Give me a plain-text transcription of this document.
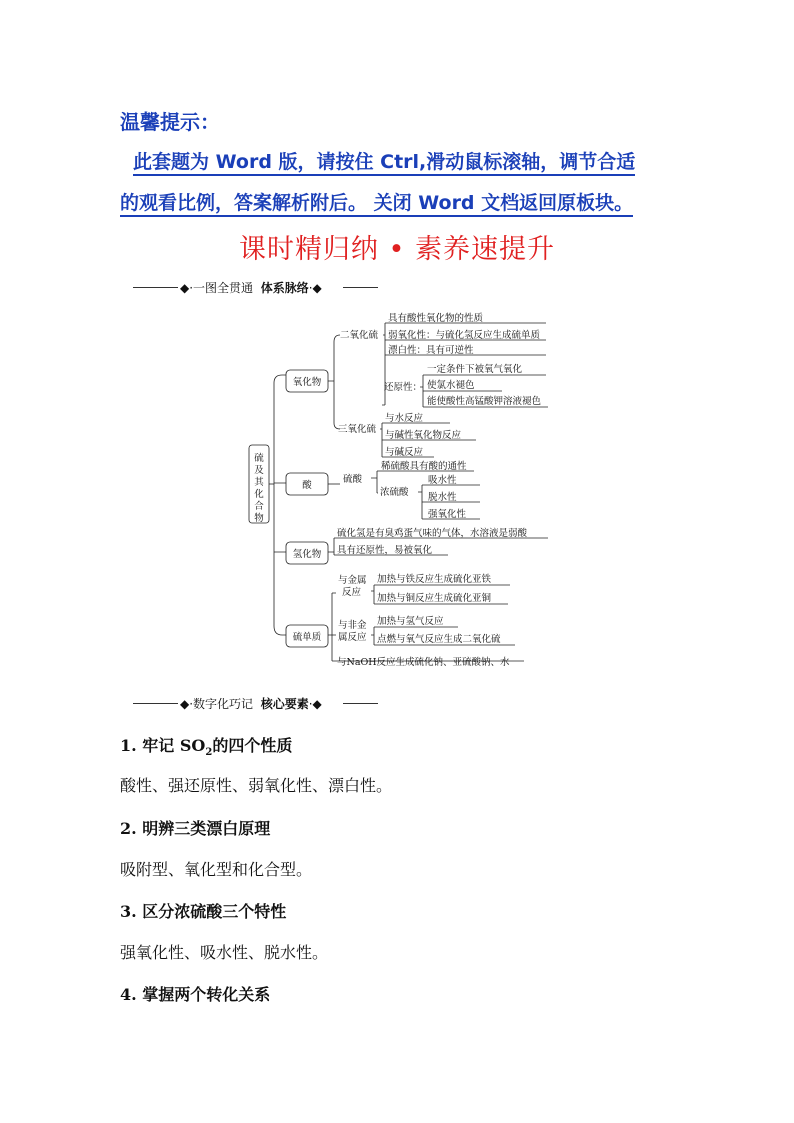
温馨提示：
此套题为 Word 版，请按住 Ctrl,滑动鼠标滚轴，调节合适
的观看比例，答案解析附后。 关闭 Word 文档返回原板块。
课时精归纳 • 素养速提升
◆·一图全贯通 体系脉络·◆
硫
及
其
化
合
物
氧化物
酸
氢化物
硫单质
二氧化硫
具有酸性氧化物的性质
弱氧化性：与硫化氢反应生成硫单质
漂白性：具有可逆性
还原性：
一定条件下被氧气氧化
使氯水褪色
能使酸性高锰酸钾溶液褪色
三氧化硫
与水反应
与碱性氧化物反应
与碱反应
硫酸
稀硫酸具有酸的通性
浓硫酸
吸水性
脱水性
强氧化性
硫化氢是有臭鸡蛋气味的气体，水溶液是弱酸
具有还原性，易被氧化
与金属
反应
加热与铁反应生成硫化亚铁
加热与铜反应生成硫化亚铜
与非金
属反应
加热与氢气反应
点燃与氧气反应生成二氧化硫
与NaOH反应生成硫化钠、亚硫酸钠、水
◆·数字化巧记 核心要素·◆
1. 牢记 $SO_2$的四个性质
酸性、强还原性、弱氧化性、漂白性。
2. 明辨三类漂白原理
吸附型、氧化型和化合型。
3. 区分浓硫酸三个特性
强氧化性、吸水性、脱水性。
4. 掌握两个转化关系
